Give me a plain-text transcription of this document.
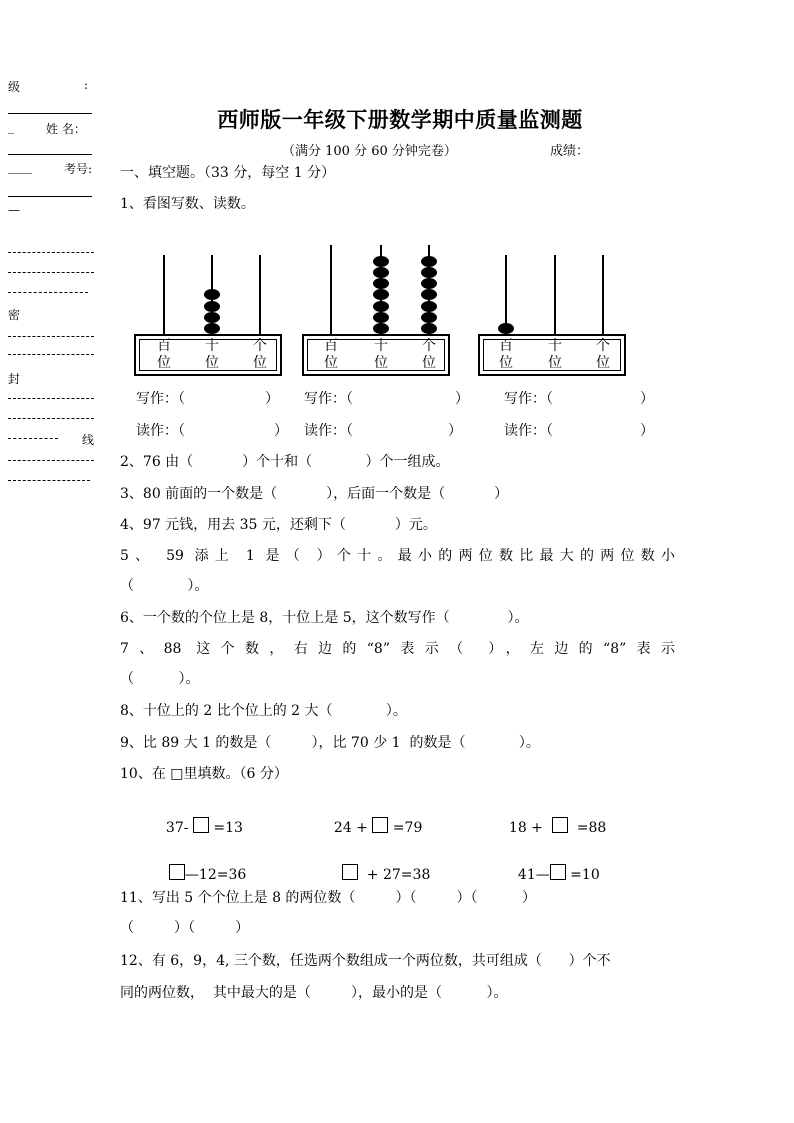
级	:
_	姓 名：
____	考号:
—
密
封
线
西师版一年级下册数学期中质量监测题
（满分 100 分 60 分钟完卷）	成绩：
一、填空题。（33 分，每空 1 分）
1、看图写数、读数。
百
位
十
位
个
位
百
位
十
位
个
位
百
位
十
位
个
位
写作：（	） 写作：（	）	写作：（	）
读作：（	） 读作：（	）	读作：（	）
2、76 由（           ）个十和（            ）个一组成。
3、80 前面的一个数是（           ），后面一个数是（           ）
4、97 元钱，用去 35 元，还剩下（           ）元。
5、 59 添上 1 是（ ）个十。最小的两位数比最大的两位数小
（            ）。
6、一个数的个位上是 8，十位上是 5，这个数写作（             ）。
7、88 这个数，右边的“8”表示（ ），左边的“8”表示
（          ）。
8、十位上的 2 比个位上的 2 大（            ）。
9、比 89 大 1 的数是（         ），比 70 少 1  的数是（            ）。
10、在 □里填数。（6 分）

37-  =13	24 +  =79	18 +    =88

—12=36	+ 27=38	41— =10

11、写出 5 个个位上是 8 的两位数（         ）（         ）（          ）
（         ）（         ）
12、有 6，9，4, 三个数，任选两个数组成一个两位数，共可组成（      ）个不
同的两位数，  其中最大的是（         ），最小的是（          ）。
